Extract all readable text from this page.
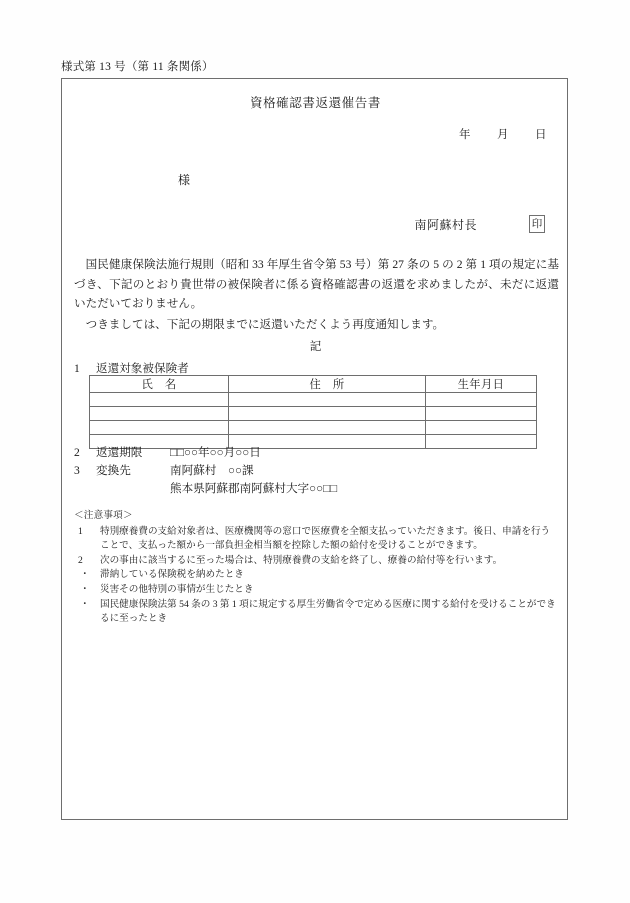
様式第 13 号（第 11 条関係）
資格確認書返還催告書
年 月 日
様
南阿蘇村長	印

国民健康保険法施行規則（昭和 33 年厚生省令第 53 号）第 27 条の 5 の 2 第 1 項の規定に基づき、下記のとおり貴世帯の被保険者に係る資格確認書の返還を求めましたが、未だに返還いただいておりません。

つきましては、下記の期限までに返還いただくよう再度通知します。

記
1 返還対象被保険者
氏　名	住　所	生年月日

2 返還期限 □□○○年○○月○○日
3 変換先	南阿蘇村　○○課
熊本県阿蘇郡南阿蘇村大字○○□□

＜注意事項＞

1	特別療養費の支給対象者は、医療機関等の窓口で医療費を全額支払っていただきます。後日、申請を行うことで、支払った額から一部負担金相当額を控除した額の給付を受けることができます。

2	次の事由に該当するに至った場合は、特別療養費の支給を終了し、療養の給付等を行います。

・	滞納している保険税を納めたとき

・	災害その他特別の事情が生じたとき

・	国民健康保険法第 54 条の 3 第 1 項に規定する厚生労働省令で定める医療に関する給付を受けることができるに至ったとき
